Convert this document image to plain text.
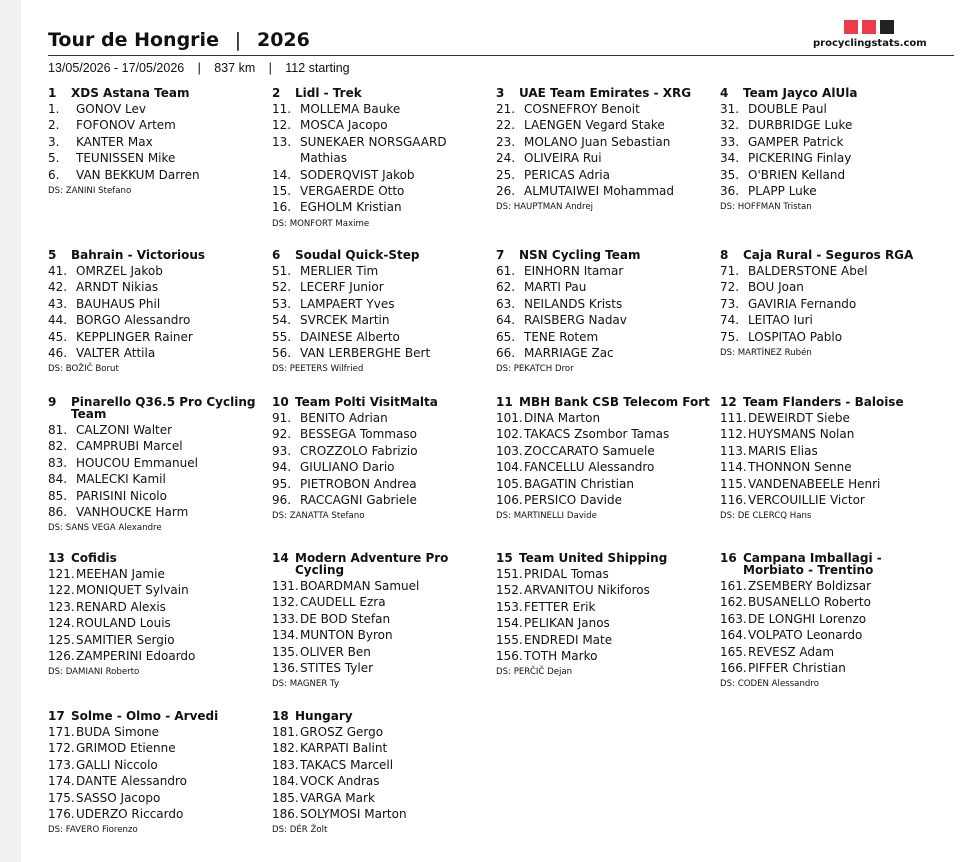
Tour de Hongrie | 2026	procyclingstats.com
13/05/2026 - 17/05/2026 | 837 km | 112 starting
1	XDS Astana Team
1.	GONOV Lev
2.	FOFONOV Artem
3.	KANTER Max
5.	TEUNISSEN Mike
6.	VAN BEKKUM Darren
DS: ZANINI Stefano
2	Lidl - Trek
11. MOLLEMA Bauke
12. MOSCA Jacopo
13. SUNEKAER NORSGAARD Mathias
14. SODERQVIST Jakob
15. VERGAERDE Otto
16. EGHOLM Kristian
DS: MONFORT Maxime
3	UAE Team Emirates - XRG
21. COSNEFROY Benoit
22. LAENGEN Vegard Stake
23. MOLANO Juan Sebastian
24. OLIVEIRA Rui
25. PERICAS Adria
26. ALMUTAIWEI Mohammad
DS: HAUPTMAN Andrej
4	Team Jayco AlUla
31. DOUBLE Paul
32. DURBRIDGE Luke
33. GAMPER Patrick
34. PICKERING Finlay
35. O'BRIEN Kelland
36. PLAPP Luke
DS: HOFFMAN Tristan
5	Bahrain - Victorious
41. OMRZEL Jakob
42. ARNDT Nikias
43. BAUHAUS Phil
44. BORGO Alessandro
45. KEPPLINGER Rainer
46. VALTER Attila
DS: BOŽIČ Borut
6	Soudal Quick-Step
51. MERLIER Tim
52. LECERF Junior
53. LAMPAERT Yves
54. SVRCEK Martin
55. DAINESE Alberto
56. VAN LERBERGHE Bert
DS: PEETERS Wilfried
7	NSN Cycling Team
61. EINHORN Itamar
62. MARTI Pau
63. NEILANDS Krists
64. RAISBERG Nadav
65. TENE Rotem
66. MARRIAGE Zac
DS: PEKATCH Dror
8	Caja Rural - Seguros RGA
71. BALDERSTONE Abel
72. BOU Joan
73. GAVIRIA Fernando
74. LEITAO Iuri
75. LOSPITAO Pablo
DS: MARTÍNEZ Rubén
9	Pinarello Q36.5 Pro Cycling Team
81. CALZONI Walter
82. CAMPRUBI Marcel
83. HOUCOU Emmanuel
84. MALECKI Kamil
85. PARISINI Nicolo
86. VANHOUCKE Harm
DS: SANS VEGA Alexandre
10 Team Polti VisitMalta
91. BENITO Adrian
92. BESSEGA Tommaso
93. CROZZOLO Fabrizio
94. GIULIANO Dario
95. PIETROBON Andrea
96. RACCAGNI Gabriele
DS: ZANATTA Stefano
11 MBH Bank CSB Telecom Fort
101. DINA Marton
102. TAKACS Zsombor Tamas
103. ZOCCARATO Samuele
104. FANCELLU Alessandro
105. BAGATIN Christian
106. PERSICO Davide
DS: MARTINELLI Davide
12 Team Flanders - Baloise
111. DEWEIRDT Siebe
112. HUYSMANS Nolan
113. MARIS Elias
114. THONNON Senne
115. VANDENABEELE Henri
116. VERCOUILLIE Victor
DS: DE CLERCQ Hans
13 Cofidis
121. MEEHAN Jamie
122. MONIQUET Sylvain
123. RENARD Alexis
124. ROULAND Louis
125. SAMITIER Sergio
126. ZAMPERINI Edoardo
DS: DAMIANI Roberto
14 Modern Adventure Pro Cycling
131. BOARDMAN Samuel
132. CAUDELL Ezra
133. DE BOD Stefan
134. MUNTON Byron
135. OLIVER Ben
136. STITES Tyler
DS: MAGNER Ty
15 Team United Shipping
151. PRIDAL Tomas
152. ARVANITOU Nikiforos
153. FETTER Erik
154. PELIKAN Janos
155. ENDREDI Mate
156. TOTH Marko
DS: PERČIČ Dejan
16 Campana Imballagi - Morbiato - Trentino
161. ZSEMBERY Boldizsar
162. BUSANELLO Roberto
163. DE LONGHI Lorenzo
164. VOLPATO Leonardo
165. REVESZ Adam
166. PIFFER Christian
DS: CODEN Alessandro
17 Solme - Olmo - Arvedi
171. BUDA Simone
172. GRIMOD Etienne
173. GALLI Niccolo
174. DANTE Alessandro
175. SASSO Jacopo
176. UDERZO Riccardo
DS: FAVERO Fiorenzo
18 Hungary
181. GROSZ Gergo
182. KARPATI Balint
183. TAKACS Marcell
184. VOCK Andras
185. VARGA Mark
186. SOLYMOSI Marton
DS: DÉR Žolt
